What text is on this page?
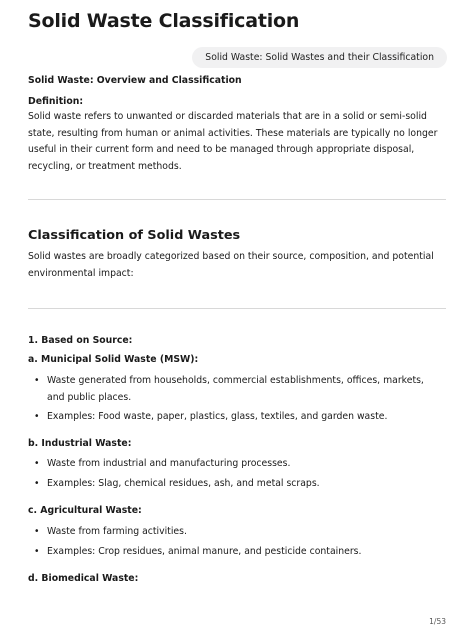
Solid Waste Classification
Solid Waste: Solid Wastes and their Classification
Solid Waste: Overview and Classification
Definition:
Solid waste refers to unwanted or discarded materials that are in a solid or semi-solid state, resulting from human or animal activities. These materials are typically no longer useful in their current form and need to be managed through appropriate disposal, recycling, or treatment methods.
Classification of Solid Wastes
Solid wastes are broadly categorized based on their source, composition, and potential environmental impact:
1. Based on Source:
a. Municipal Solid Waste (MSW):
• Waste generated from households, commercial establishments, offices, markets, and public places.
• Examples: Food waste, paper, plastics, glass, textiles, and garden waste.
b. Industrial Waste:
• Waste from industrial and manufacturing processes.
• Examples: Slag, chemical residues, ash, and metal scraps.
c. Agricultural Waste:
• Waste from farming activities.
• Examples: Crop residues, animal manure, and pesticide containers.
d. Biomedical Waste:
1/53
